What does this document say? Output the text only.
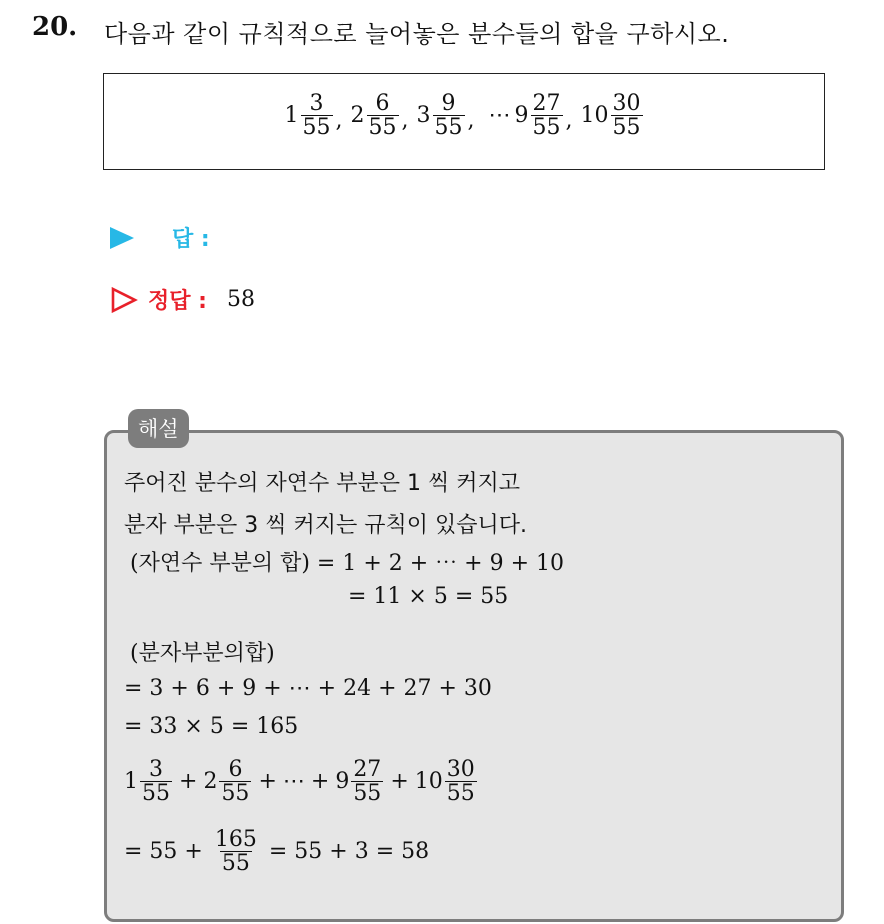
20. 다음과 같이 규칙적으로 늘어놓은 분수들의 합을 구하시오.
$1 \frac{3}{55}$ , $2 \frac{6}{55}$ , $3 \frac{9}{55}$ , ⋯ $9 \frac{27}{55}$ , $10 \frac{30}{55}$
답 :
정답 : 58
해설
주어진 분수의 자연수 부분은 1 씩 커지고
분자 부분은 3 씩 커지는 규칙이 있습니다.
(자연수 부분의 합) = 1 + 2 + ⋯ + 9 + 10
= 11 × 5 = 55
(분자부분의합)
= 3 + 6 + 9 + ⋯ + 24 + 27 + 30
= 33 × 5 = 165
$1 \frac{3}{55} + 2 \frac{6}{55}$ + ⋯ + $9 \frac{27}{55} + 10 \frac{30}{55}$
= $55 + \frac{165}{55} = 55 + 3 = 58$
